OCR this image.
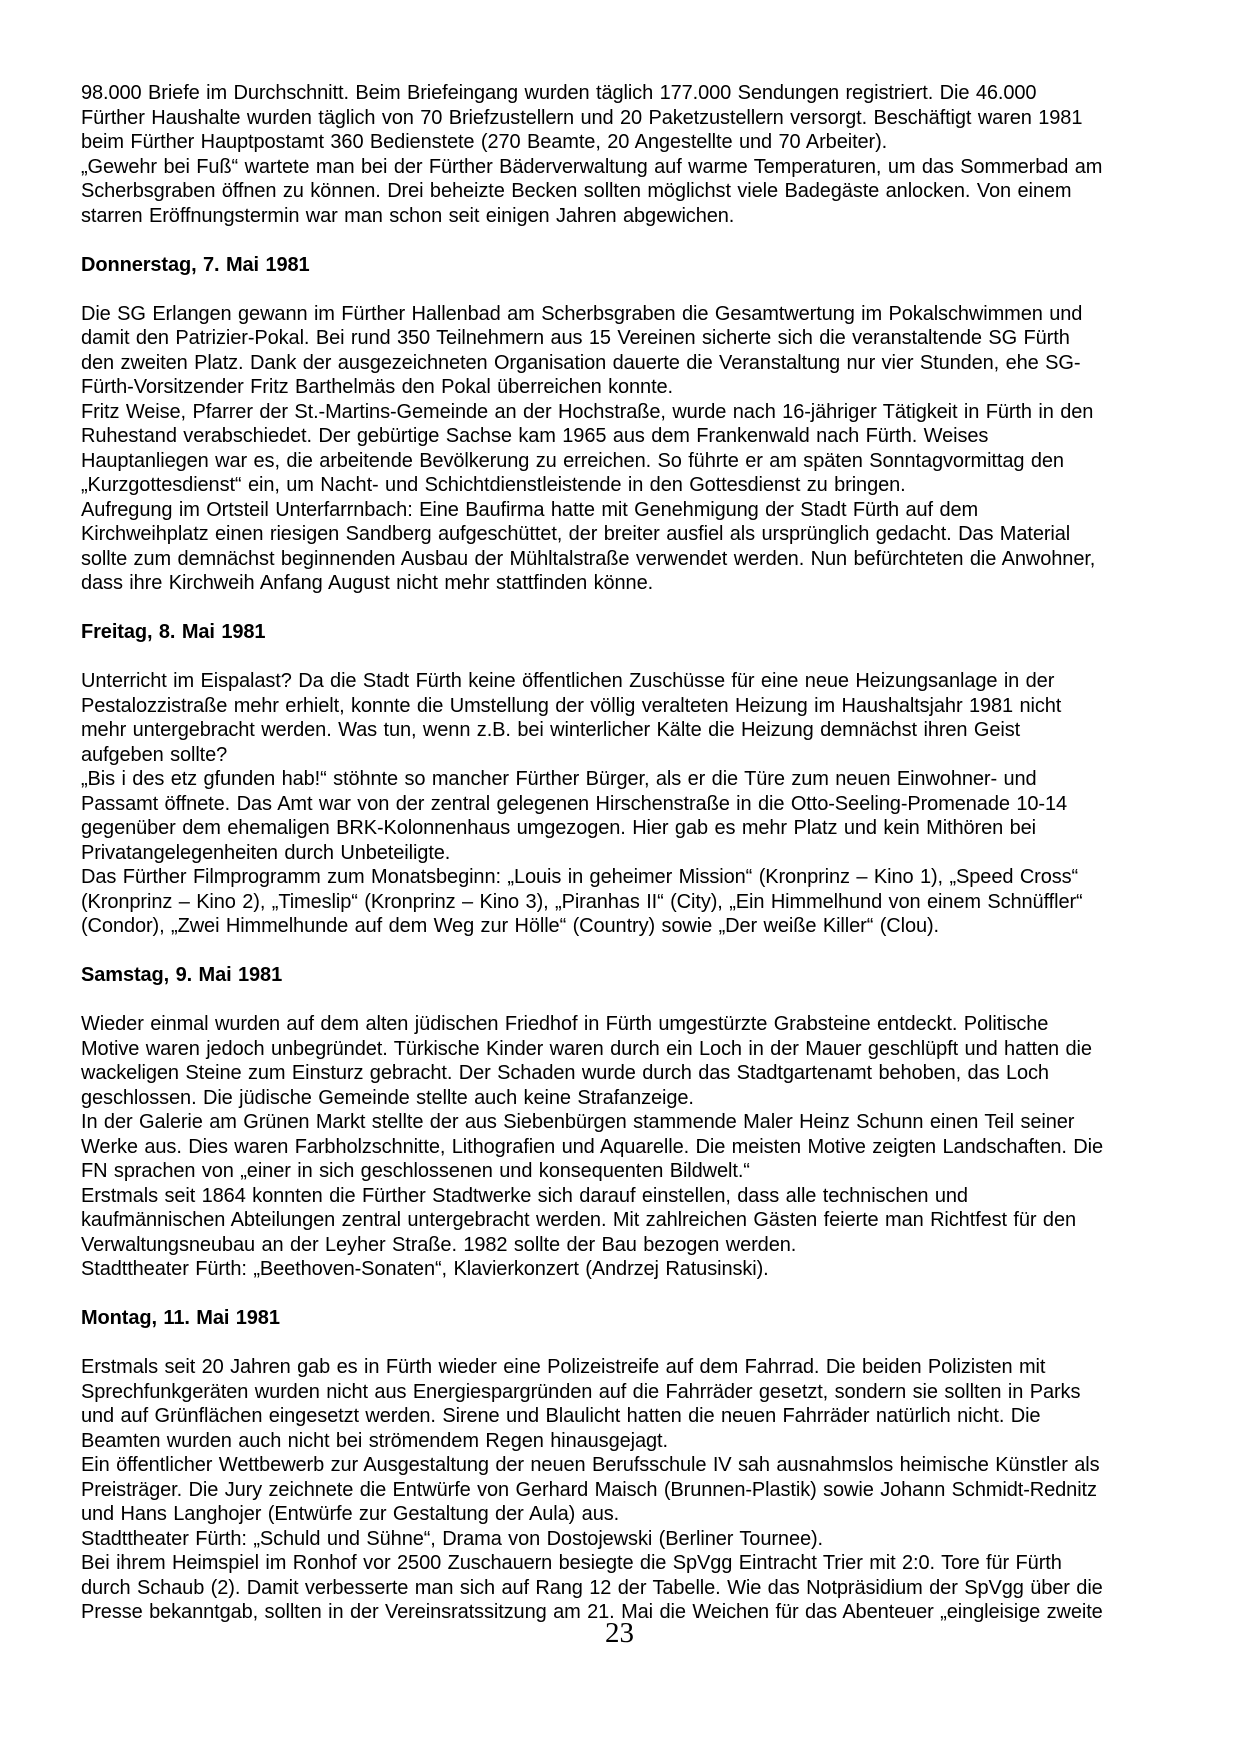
98.000 Briefe im Durchschnitt. Beim Briefeingang wurden täglich 177.000 Sendungen registriert. Die 46.000
Fürther Haushalte wurden täglich von 70 Briefzustellern und 20 Paketzustellern versorgt. Beschäftigt waren 1981
beim Fürther Hauptpostamt 360 Bedienstete (270 Beamte, 20 Angestellte und 70 Arbeiter).
„Gewehr bei Fuß“ wartete man bei der Fürther Bäderverwaltung auf warme Temperaturen, um das Sommerbad am
Scherbsgraben öffnen zu können. Drei beheizte Becken sollten möglichst viele Badegäste anlocken. Von einem
starren Eröffnungstermin war man schon seit einigen Jahren abgewichen.
Donnerstag, 7. Mai 1981
Die SG Erlangen gewann im Fürther Hallenbad am Scherbsgraben die Gesamtwertung im Pokalschwimmen und
damit den Patrizier-Pokal. Bei rund 350 Teilnehmern aus 15 Vereinen sicherte sich die veranstaltende SG Fürth
den zweiten Platz. Dank der ausgezeichneten Organisation dauerte die Veranstaltung nur vier Stunden, ehe SG-
Fürth-Vorsitzender Fritz Barthelmäs den Pokal überreichen konnte.
Fritz Weise, Pfarrer der St.-Martins-Gemeinde an der Hochstraße, wurde nach 16-jähriger Tätigkeit in Fürth in den
Ruhestand verabschiedet. Der gebürtige Sachse kam 1965 aus dem Frankenwald nach Fürth. Weises
Hauptanliegen war es, die arbeitende Bevölkerung zu erreichen. So führte er am späten Sonntagvormittag den
„Kurzgottesdienst“ ein, um Nacht- und Schichtdienstleistende in den Gottesdienst zu bringen.
Aufregung im Ortsteil Unterfarrnbach: Eine Baufirma hatte mit Genehmigung der Stadt Fürth auf dem
Kirchweihplatz einen riesigen Sandberg aufgeschüttet, der breiter ausfiel als ursprünglich gedacht. Das Material
sollte zum demnächst beginnenden Ausbau der Mühltalstraße verwendet werden. Nun befürchteten die Anwohner,
dass ihre Kirchweih Anfang August nicht mehr stattfinden könne.
Freitag, 8. Mai 1981
Unterricht im Eispalast? Da die Stadt Fürth keine öffentlichen Zuschüsse für eine neue Heizungsanlage in der
Pestalozzistraße mehr erhielt, konnte die Umstellung der völlig veralteten Heizung im Haushaltsjahr 1981 nicht
mehr untergebracht werden. Was tun, wenn z.B. bei winterlicher Kälte die Heizung demnächst ihren Geist
aufgeben sollte?
„Bis i des etz gfunden hab!“ stöhnte so mancher Fürther Bürger, als er die Türe zum neuen Einwohner- und
Passamt öffnete. Das Amt war von der zentral gelegenen Hirschenstraße in die Otto-Seeling-Promenade 10-14
gegenüber dem ehemaligen BRK-Kolonnenhaus umgezogen. Hier gab es mehr Platz und kein Mithören bei
Privatangelegenheiten durch Unbeteiligte.
Das Fürther Filmprogramm zum Monatsbeginn: „Louis in geheimer Mission“ (Kronprinz – Kino 1), „Speed Cross“
(Kronprinz – Kino 2), „Timeslip“ (Kronprinz – Kino 3), „Piranhas II“ (City), „Ein Himmelhund von einem Schnüffler“
(Condor), „Zwei Himmelhunde auf dem Weg zur Hölle“ (Country) sowie „Der weiße Killer“ (Clou).
Samstag, 9. Mai 1981
Wieder einmal wurden auf dem alten jüdischen Friedhof in Fürth umgestürzte Grabsteine entdeckt. Politische
Motive waren jedoch unbegründet. Türkische Kinder waren durch ein Loch in der Mauer geschlüpft und hatten die
wackeligen Steine zum Einsturz gebracht. Der Schaden wurde durch das Stadtgartenamt behoben, das Loch
geschlossen. Die jüdische Gemeinde stellte auch keine Strafanzeige.
In der Galerie am Grünen Markt stellte der aus Siebenbürgen stammende Maler Heinz Schunn einen Teil seiner
Werke aus. Dies waren Farbholzschnitte, Lithografien und Aquarelle. Die meisten Motive zeigten Landschaften. Die
FN sprachen von „einer in sich geschlossenen und konsequenten Bildwelt.“
Erstmals seit 1864 konnten die Fürther Stadtwerke sich darauf einstellen, dass alle technischen und
kaufmännischen Abteilungen zentral untergebracht werden. Mit zahlreichen Gästen feierte man Richtfest für den
Verwaltungsneubau an der Leyher Straße. 1982 sollte der Bau bezogen werden.
Stadttheater Fürth: „Beethoven-Sonaten“, Klavierkonzert (Andrzej Ratusinski).
Montag, 11. Mai 1981
Erstmals seit 20 Jahren gab es in Fürth wieder eine Polizeistreife auf dem Fahrrad. Die beiden Polizisten mit
Sprechfunkgeräten wurden nicht aus Energiespargründen auf die Fahrräder gesetzt, sondern sie sollten in Parks
und auf Grünflächen eingesetzt werden. Sirene und Blaulicht hatten die neuen Fahrräder natürlich nicht. Die
Beamten wurden auch nicht bei strömendem Regen hinausgejagt.
Ein öffentlicher Wettbewerb zur Ausgestaltung der neuen Berufsschule IV sah ausnahmslos heimische Künstler als
Preisträger. Die Jury zeichnete die Entwürfe von Gerhard Maisch (Brunnen-Plastik) sowie Johann Schmidt-Rednitz
und Hans Langhojer (Entwürfe zur Gestaltung der Aula) aus.
Stadttheater Fürth: „Schuld und Sühne“, Drama von Dostojewski (Berliner Tournee).
Bei ihrem Heimspiel im Ronhof vor 2500 Zuschauern besiegte die SpVgg Eintracht Trier mit 2:0. Tore für Fürth
durch Schaub (2). Damit verbesserte man sich auf Rang 12 der Tabelle. Wie das Notpräsidium der SpVgg über die
Presse bekanntgab, sollten in der Vereinsratssitzung am 21. Mai die Weichen für das Abenteuer „eingleisige zweite
23
